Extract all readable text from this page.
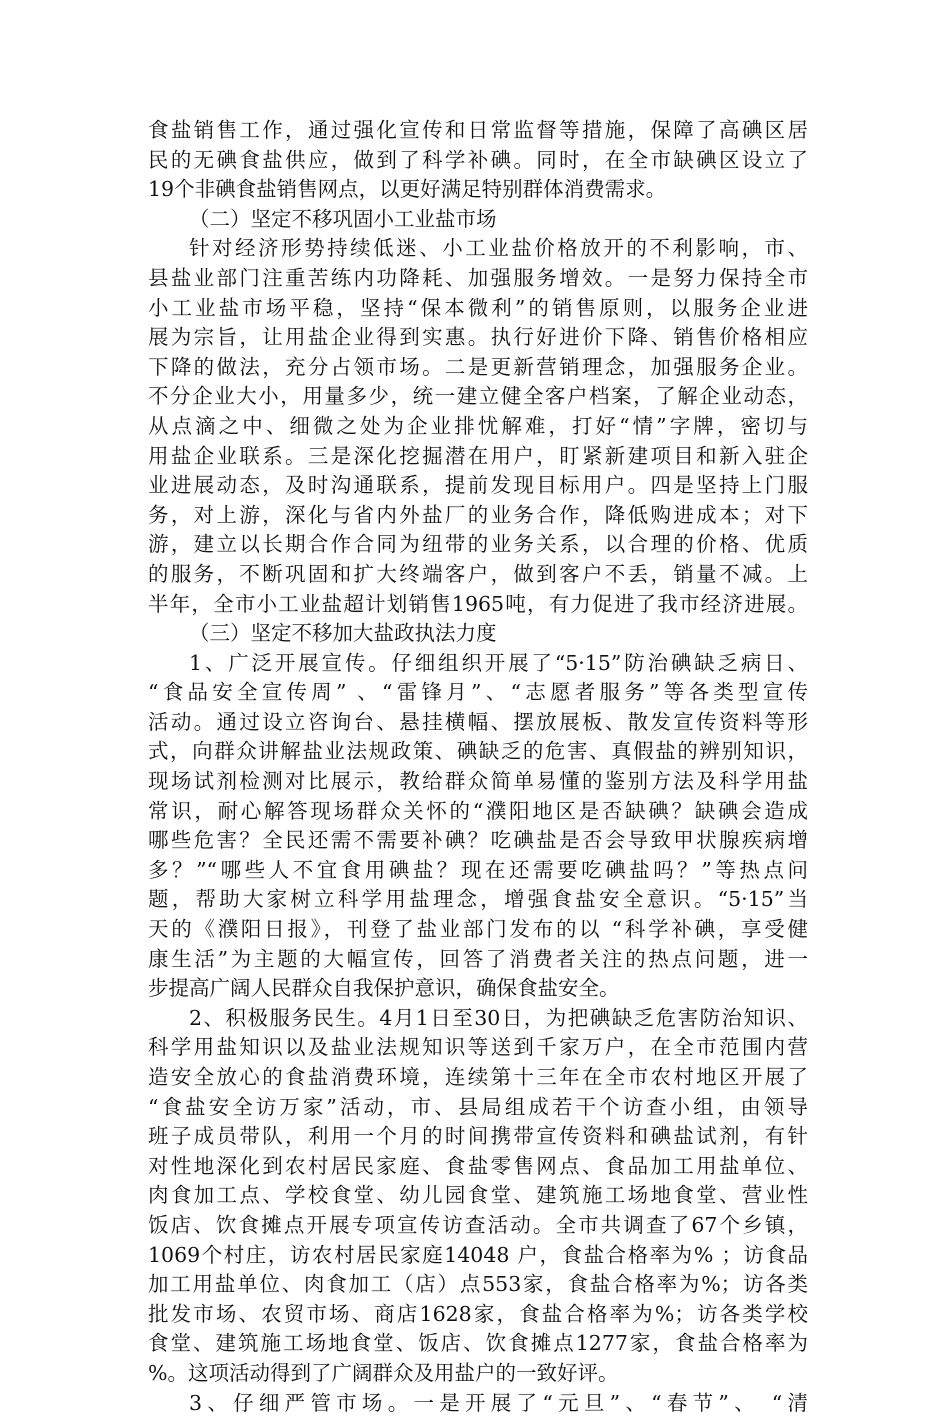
食盐销售工作，通过强化宣传和日常监督等措施，保障了高碘区居
民的无碘食盐供应，做到了科学补碘。同时，在全市缺碘区设立了
19个非碘食盐销售网点，以更好满足特别群体消费需求。
（二）坚定不移巩固小工业盐市场
针对经济形势持续低迷、小工业盐价格放开的不利影响，市、
县盐业部门注重苦练内功降耗、加强服务增效。一是努力保持全市
小工业盐市场平稳，坚持“保本微利”的销售原则，以服务企业进
展为宗旨，让用盐企业得到实惠。执行好进价下降、销售价格相应
下降的做法，充分占领市场。二是更新营销理念，加强服务企业。
不分企业大小，用量多少，统一建立健全客户档案，了解企业动态，
从点滴之中、细微之处为企业排忧解难，打好“情”字牌，密切与
用盐企业联系。三是深化挖掘潜在用户，盯紧新建项目和新入驻企
业进展动态，及时沟通联系，提前发现目标用户。四是坚持上门服
务，对上游，深化与省内外盐厂的业务合作，降低购进成本；对下
游，建立以长期合作合同为纽带的业务关系，以合理的价格、优质
的服务，不断巩固和扩大终端客户，做到客户不丢，销量不减。上
半年，全市小工业盐超计划销售1965吨，有力促进了我市经济进展。
（三）坚定不移加大盐政执法力度
1、广泛开展宣传。仔细组织开展了“5·15”防治碘缺乏病日、
“食品安全宣传周” 、“雷锋月”、“志愿者服务”等各类型宣传
活动。通过设立咨询台、悬挂横幅、摆放展板、散发宣传资料等形
式，向群众讲解盐业法规政策、碘缺乏的危害、真假盐的辨别知识，
现场试剂检测对比展示，教给群众简单易懂的鉴别方法及科学用盐
常识，耐心解答现场群众关怀的“濮阳地区是否缺碘？缺碘会造成
哪些危害？全民还需不需要补碘？吃碘盐是否会导致甲状腺疾病增
多？”“哪些人不宜食用碘盐？现在还需要吃碘盐吗？”等热点问
题，帮助大家树立科学用盐理念，增强食盐安全意识。“5·15”当
天的《濮阳日报》，刊登了盐业部门发布的以 “科学补碘，享受健
康生活”为主题的大幅宣传，回答了消费者关注的热点问题，进一
步提高广阔人民群众自我保护意识，确保食盐安全。
2、积极服务民生。4月1日至30日，为把碘缺乏危害防治知识、
科学用盐知识以及盐业法规知识等送到千家万户，在全市范围内营
造安全放心的食盐消费环境，连续第十三年在全市农村地区开展了
“食盐安全访万家”活动，市、县局组成若干个访查小组，由领导
班子成员带队，利用一个月的时间携带宣传资料和碘盐试剂，有针
对性地深化到农村居民家庭、食盐零售网点、食品加工用盐单位、
肉食加工点、学校食堂、幼儿园食堂、建筑施工场地食堂、营业性
饭店、饮食摊点开展专项宣传访查活动。全市共调查了67个乡镇，
1069个村庄，访农村居民家庭14048 户，食盐合格率为% ；访食品
加工用盐单位、肉食加工（店）点553家，食盐合格率为%；访各类
批发市场、农贸市场、商店1628家，食盐合格率为%；访各类学校
食堂、建筑施工场地食堂、饭店、饮食摊点1277家，食盐合格率为
%。这项活动得到了广阔群众及用盐户的一致好评。
3、仔细严管市场。一是开展了“元旦”、“春节”、 “清
